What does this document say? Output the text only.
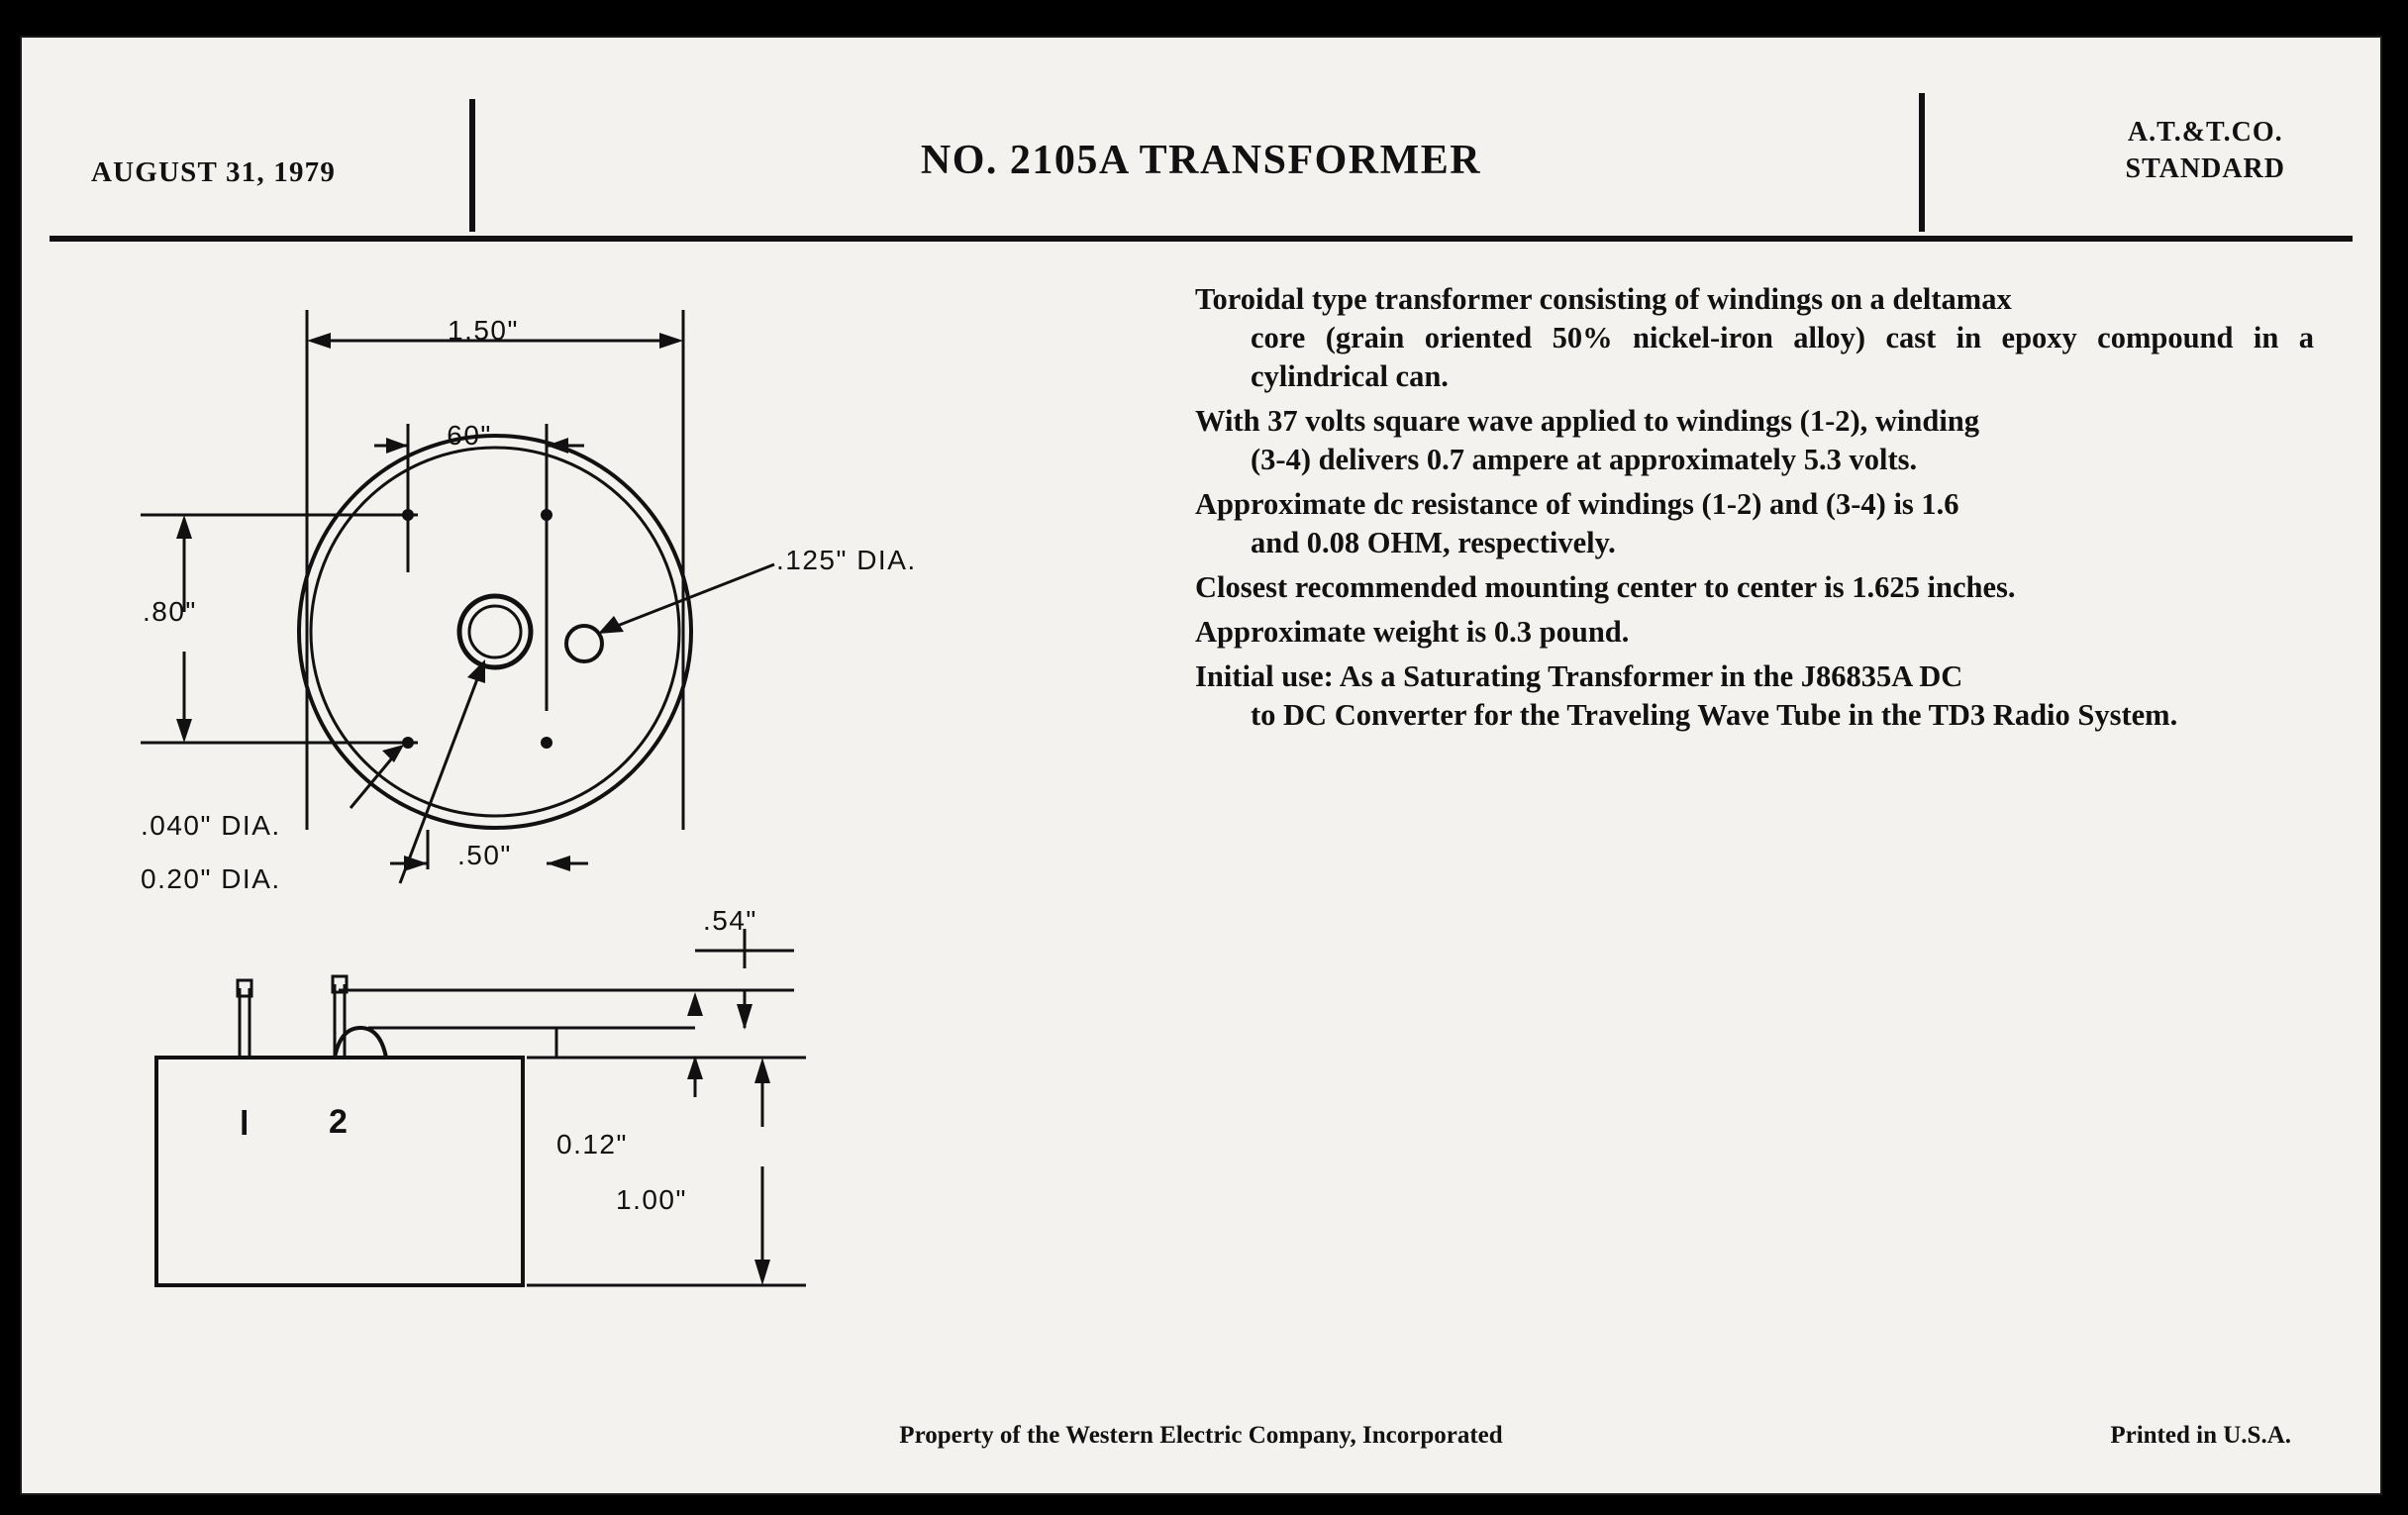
AUGUST 31, 1979	NO. 2105A TRANSFORMER
A.T.&T.CO.
STANDARD

Toroidal type transformer consisting of windings on a deltamax
core (grain oriented 50% nickel-iron alloy) cast in epoxy compound in a cylindrical can.

With 37 volts square wave applied to windings (1-2), winding
(3-4) delivers 0.7 ampere at approximately 5.3 volts.

Approximate dc resistance of windings (1-2) and (3-4) is 1.6
and 0.08 OHM, respectively.

Closest recommended mounting center to center is 1.625 inches.

Approximate weight is 0.3 pound.

Initial use: As a Saturating Transformer in the J86835A DC
to DC Converter for the Traveling Wave Tube in the TD3 Radio System.

1.50"
.60"
.80"
.50"
.125" DIA.
.040" DIA.
0.20" DIA.
.54"
0.12"
1.00"
l 2
Property of the Western Electric Company, Incorporated	Printed in U.S.A.
